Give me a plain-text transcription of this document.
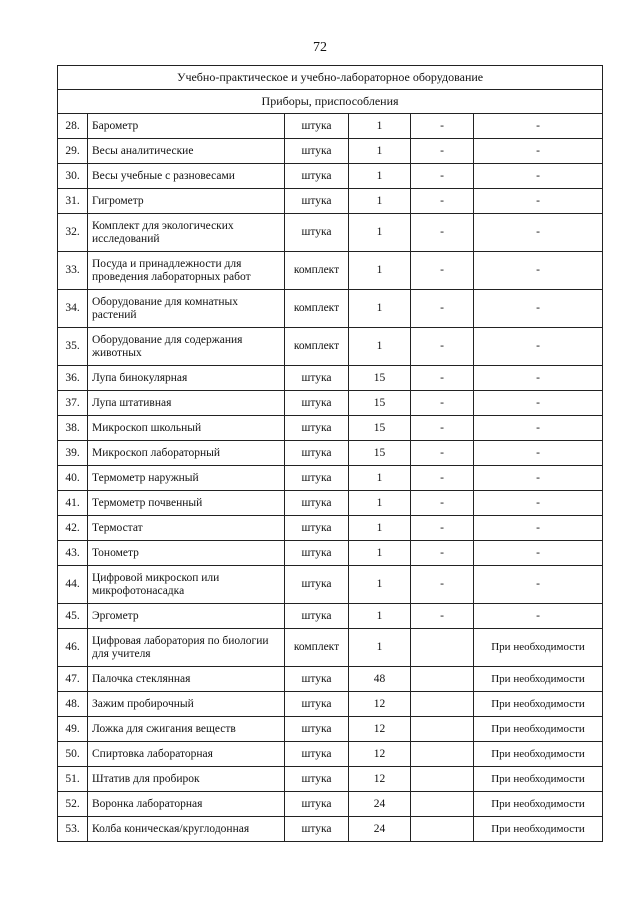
72
Учебно-практическое и учебно-лабораторное оборудование					
Приборы, приспособления					
28.	Барометр	штука	1	-	-
29.	Весы аналитические	штука	1	-	-
30.	Весы учебные с разновесами	штука	1	-	-
31.	Гигрометр	штука	1	-	-
32.	Комплект для экологических исследований	штука	1	-	-
33.	Посуда и принадлежности для проведения лабораторных работ	комплект	1	-	-
34.	Оборудование для комнатных растений	комплект	1	-	-
35.	Оборудование для содержания животных	комплект	1	-	-
36.	Лупа бинокулярная	штука	15	-	-
37.	Лупа штативная	штука	15	-	-
38.	Микроскоп школьный	штука	15	-	-
39.	Микроскоп лабораторный	штука	15	-	-
40.	Термометр наружный	штука	1	-	-
41.	Термометр почвенный	штука	1	-	-
42.	Термостат	штука	1	-	-
43.	Тонометр	штука	1	-	-
44.	Цифровой микроскоп или микрофотонасадка	штука	1	-	-
45.	Эргометр	штука	1	-	-
46.	Цифровая лаборатория по биологии для учителя	комплект	1		При необходимости
47.	Палочка стеклянная	штука	48		При необходимости
48.	Зажим пробирочный	штука	12		При необходимости
49.	Ложка для сжигания веществ	штука	12		При необходимости
50.	Спиртовка лабораторная	штука	12		При необходимости
51.	Штатив для пробирок	штука	12		При необходимости
52.	Воронка лабораторная	штука	24		При необходимости
53.	Колба коническая/круглодонная	штука	24		При необходимости
